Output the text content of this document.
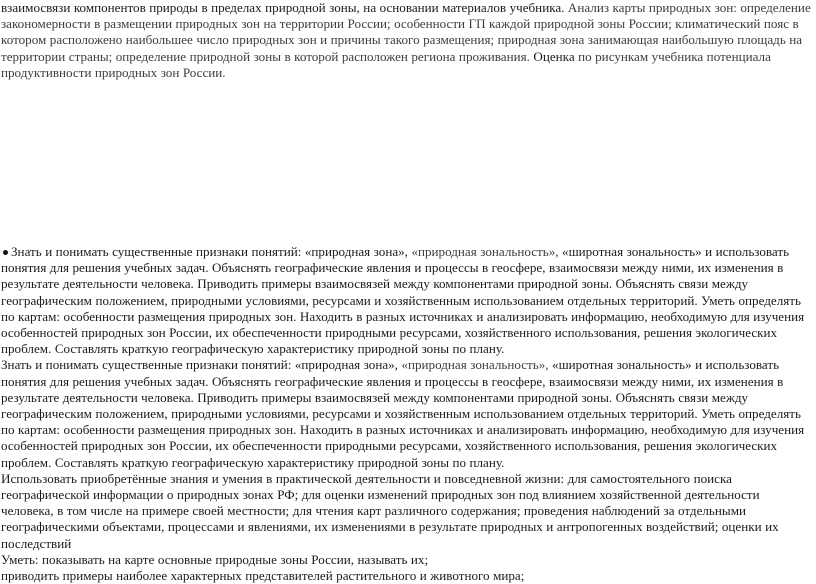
взаимосвязи компонентов природы в пределах природной зоны, на основании материалов учебника. Анализ карты природных зон: определение закономерности в размещении природных зон на территории России; особенности ГП каждой природной зоны России; климатический пояс в котором расположено наибольшее число природных зон и причины такого размещения; природная зона занимающая наибольшую площадь на территории страны; определение природной зоны в которой расположен региона проживания. Оценка по рисункам учебника потенциала продуктивности природных зон России.

Знать и понимать существенные признаки понятий: «природная зона», «природная зональность», «широтная зональность» и использовать понятия для решения учебных задач. Объяснять географические явления и процессы в геосфере, взаимосвязи между ними, их изменения в результате деятельности человека. Приводить примеры взаимосвязей между компонентами природной зоны. Объяснять связи между географическим положением, природными условиями, ресурсами и хозяйственным использованием отдельных территорий. Уметь определять по картам: особенности размещения природных зон. Находить в разных источниках и анализировать информацию, необходимую для изучения особенностей природных зон России, их обеспеченности природными ресурсами, хозяйственного использования, решения экологических проблем. Составлять краткую географическую характеристику природной зоны по плану.

Знать и понимать существенные признаки понятий: «природная зона», «природная зональность», «широтная зональность» и использовать понятия для решения учебных задач. Объяснять географические явления и процессы в геосфере, взаимосвязи между ними, их изменения в результате деятельности человека. Приводить примеры взаимосвязей между компонентами природной зоны. Объяснять связи между географическим положением, природными условиями, ресурсами и хозяйственным использованием отдельных территорий. Уметь определять по картам: особенности размещения природных зон. Находить в разных источниках и анализировать информацию, необходимую для изучения особенностей природных зон России, их обеспеченности природными ресурсами, хозяйственного использования, решения экологических проблем. Составлять краткую географическую характеристику природной зоны по плану.

Использовать приобретённые знания и умения в практической деятельности и повседневной жизни: для самостоятельного поиска географической информации о природных зонах РФ; для оценки изменений природных зон под влиянием хозяйственной деятельности человека, в том числе на примере своей местности; для чтения карт различного содержания; проведения наблюдений за отдельными географическими объектами, процессами и явлениями, их изменениями в результате природных и антропогенных воздействий; оценки их последствий

Уметь: показывать на карте основные природные зоны России, называть их;

приводить примеры наиболее характерных представителей растительного и животного мира;
